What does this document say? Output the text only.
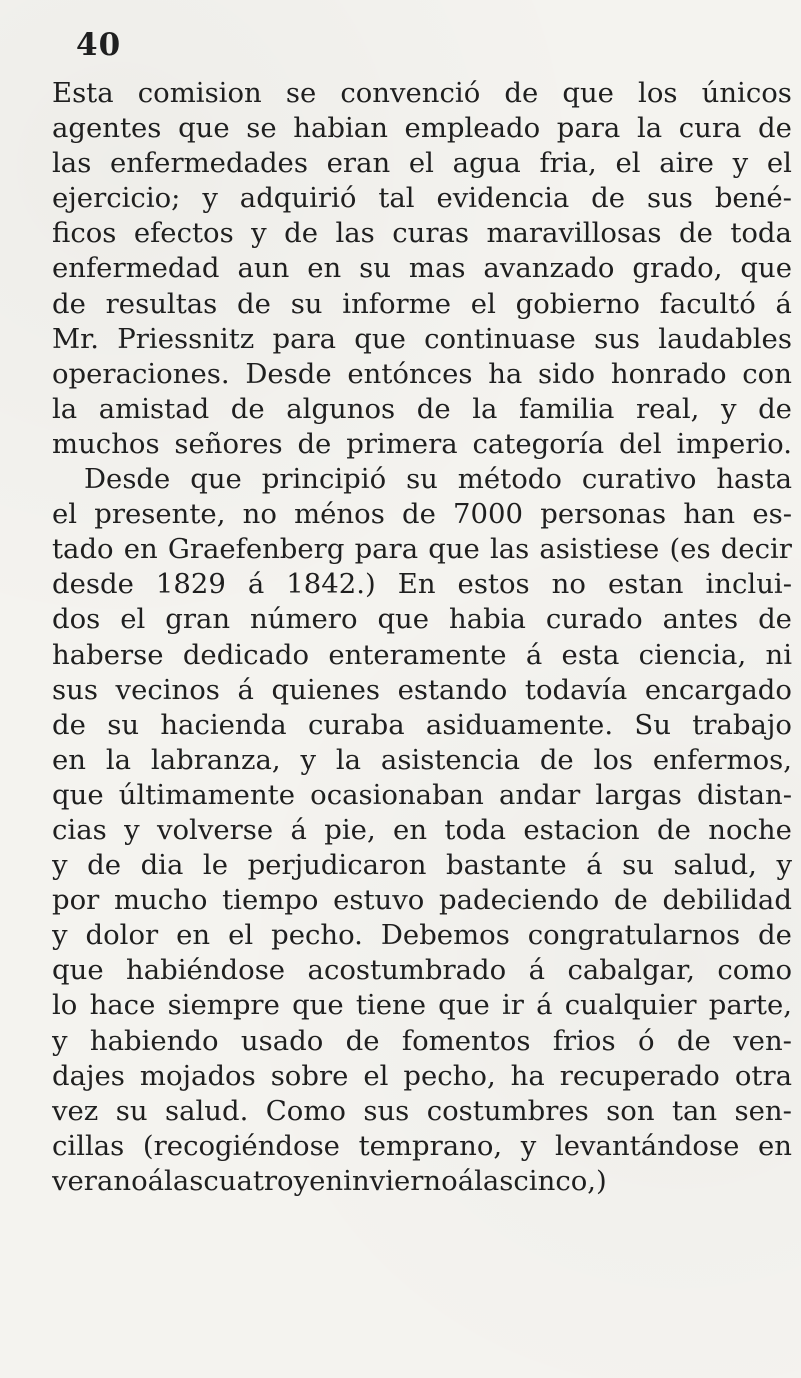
40
Esta comision se convenció de que los únicos
agentes que se habian empleado para la cura de
las enfermedades eran el agua fria, el aire y el
ejercicio; y adquirió tal evidencia de sus bené-
ficos efectos y de las curas maravillosas de toda
enfermedad aun en su mas avanzado grado, que
de resultas de su informe el gobierno facultó á
Mr. Priessnitz para que continuase sus laudables
operaciones. Desde entónces ha sido honrado con
la amistad de algunos de la familia real, y de
muchos señores de primera categoría del imperio.
Desde que principió su método curativo hasta
el presente, no ménos de 7000 personas han es-
tado en Graefenberg para que las asistiese (es decir
desde 1829 á 1842.) En estos no estan inclui-
dos el gran número que habia curado antes de
haberse dedicado enteramente á esta ciencia, ni
sus vecinos á quienes estando todavía encargado
de su hacienda curaba asiduamente. Su trabajo
en la labranza, y la asistencia de los enfermos,
que últimamente ocasionaban andar largas distan-
cias y volverse á pie, en toda estacion de noche
y de dia le perjudicaron bastante á su salud, y
por mucho tiempo estuvo padeciendo de debilidad
y dolor en el pecho. Debemos congratularnos de
que habiéndose acostumbrado á cabalgar, como
lo hace siempre que tiene que ir á cualquier parte,
y habiendo usado de fomentos frios ó de ven-
dajes mojados sobre el pecho, ha recuperado otra
vez su salud. Como sus costumbres son tan sen-
cillas (recogiéndose temprano, y levantándose en
verano á las cuatro y en invierno á las cinco,)
